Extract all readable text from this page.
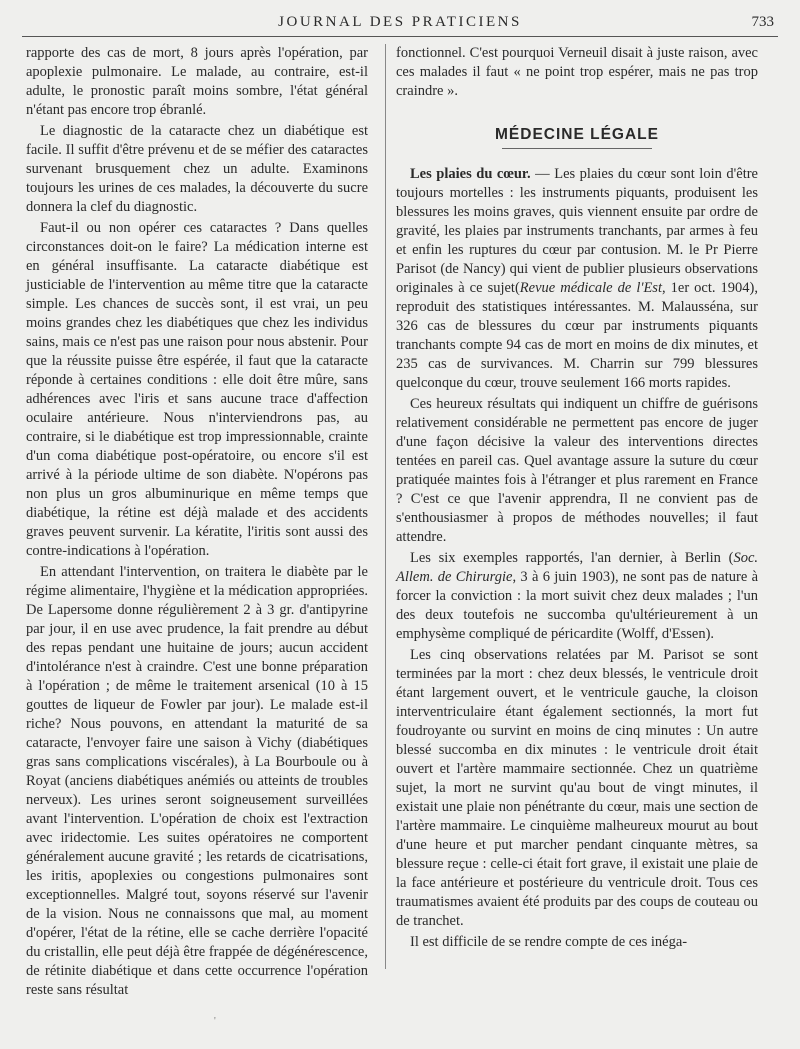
JOURNAL DES PRATICIENS	733

rapporte des cas de mort, 8 jours après l'opération, par apoplexie pulmonaire. Le malade, au contraire, est-il adulte, le pronostic paraît moins sombre, l'état général n'étant pas encore trop ébranlé.

Le diagnostic de la cataracte chez un diabétique est facile. Il suffit d'être prévenu et de se méfier des cataractes survenant brusquement chez un adulte. Examinons toujours les urines de ces malades, la découverte du sucre donnera la clef du diagnostic.

Faut-il ou non opérer ces cataractes ? Dans quelles circonstances doit-on le faire? La médication interne est en général insuffisante. La cataracte diabétique est justiciable de l'intervention au même titre que la cataracte simple. Les chances de succès sont, il est vrai, un peu moins grandes chez les diabétiques que chez les individus sains, mais ce n'est pas une raison pour nous abstenir. Pour que la réussite puisse être espérée, il faut que la cataracte réponde à certaines conditions : elle doit être mûre, sans adhérences avec l'iris et sans aucune trace d'affection oculaire antérieure. Nous n'interviendrons pas, au contraire, si le diabétique est trop impressionnable, crainte d'un coma diabétique post-opératoire, ou encore s'il est arrivé à la période ultime de son diabète. N'opérons pas non plus un gros albuminurique en même temps que diabétique, la rétine est déjà malade et des accidents graves peuvent survenir. La kératite, l'iritis sont aussi des contre-indications à l'opération.

En attendant l'intervention, on traitera le diabète par le régime alimentaire, l'hygiène et la médication appropriées. De Lapersome donne régulièrement 2 à 3 gr. d'antipyrine par jour, il en use avec prudence, la fait prendre au début des repas pendant une huitaine de jours; aucun accident d'intolérance n'est à craindre. C'est une bonne préparation à l'opération ; de même le traitement arsenical (10 à 15 gouttes de liqueur de Fowler par jour). Le malade est-il riche? Nous pouvons, en attendant la maturité de sa cataracte, l'envoyer faire une saison à Vichy (diabétiques gras sans complications viscérales), à La Bourboule ou à Royat (anciens diabétiques anémiés ou atteints de troubles nerveux). Les urines seront soigneusement surveillées avant l'intervention. L'opération de choix est l'extraction avec iridectomie. Les suites opératoires ne comportent généralement aucune gravité ; les retards de cicatrisations, les iritis, apoplexies ou congestions pulmonaires sont exceptionnelles. Malgré tout, soyons réservé sur l'avenir de la vision. Nous ne connaissons que mal, au moment d'opérer, l'état de la rétine, elle se cache derrière l'opacité du cristallin, elle peut déjà être frappée de dégénérescence, de rétinite diabétique et dans cette occurrence l'opération reste sans résultat

fonctionnel. C'est pourquoi Verneuil disait à juste raison, avec ces malades il faut « ne point trop espérer, mais ne pas trop craindre ».

MÉDECINE LÉGALE

Les plaies du cœur. — Les plaies du cœur sont loin d'être toujours mortelles : les instruments piquants, produisent les blessures les moins graves, quis viennent ensuite par ordre de gravité, les plaies par instruments tranchants, par armes à feu et enfin les ruptures du cœur par contusion. M. le Pr Pierre Parisot (de Nancy) qui vient de publier plusieurs observations originales à ce sujet(Revue médicale de l'Est, 1er oct. 1904), reproduit des statistiques intéressantes. M. Malausséna, sur 326 cas de blessures du cœur par instruments piquants tranchants compte 94 cas de mort en moins de dix minutes, et 235 cas de survivances. M. Charrin sur 799 blessures quelconque du cœur, trouve seulement 166 morts rapides.

Ces heureux résultats qui indiquent un chiffre de guérisons relativement considérable ne permettent pas encore de juger d'une façon décisive la valeur des interventions directes tentées en pareil cas. Quel avantage assure la suture du cœur pratiquée maintes fois à l'étranger et plus rarement en France ? C'est ce que l'avenir apprendra, Il ne convient pas de s'enthousiasmer à propos de méthodes nouvelles; il faut attendre.

Les six exemples rapportés, l'an dernier, à Berlin (Soc. Allem. de Chirurgie, 3 à 6 juin 1903), ne sont pas de nature à forcer la conviction : la mort suivit chez deux malades ; l'un des deux toutefois ne succomba qu'ultérieurement à un emphysème compliqué de péricardite (Wolff, d'Essen).

Les cinq observations relatées par M. Parisot se sont terminées par la mort : chez deux blessés, le ventricule droit étant largement ouvert, et le ventricule gauche, la cloison interventriculaire étant également sectionnés, la mort fut foudroyante ou survint en moins de cinq minutes : Un autre blessé succomba en dix minutes : le ventricule droit était ouvert et l'artère mammaire sectionnée. Chez un quatrième sujet, la mort ne survint qu'au bout de vingt minutes, il existait une plaie non pénétrante du cœur, mais une section de l'artère mammaire. Le cinquième malheureux mourut au bout d'une heure et put marcher pendant cinquante mètres, sa blessure reçue : celle-ci était fort grave, il existait une plaie de la face antérieure et postérieure du ventricule droit. Tous ces traumatismes avaient été produits par des coups de couteau ou de tranchet.

Il est difficile de se rendre compte de ces inéga-

'
